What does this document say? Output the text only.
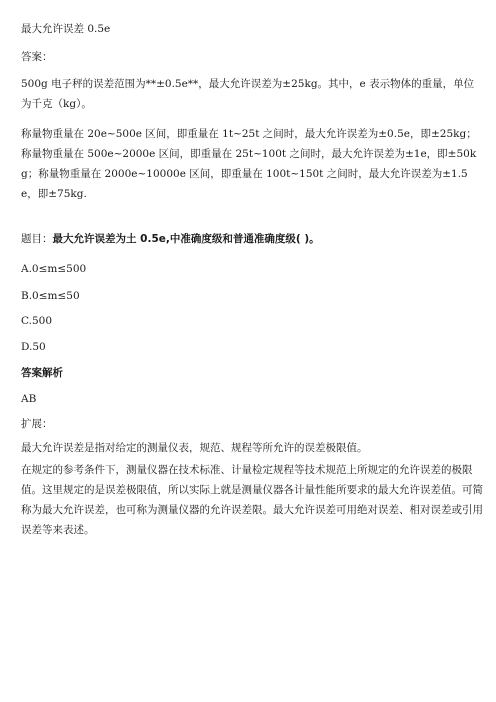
最大允许误差 0.5e
答案：
500g 电子秤的误差范围为**±0.5e**，最大允许误差为±25kg。其中，e 表示物体的重量，单位为千克（kg）。
称量物重量在 20e~500e 区间，即重量在 1t~25t 之间时，最大允许误差为±0.5e，即±25kg；称量物重量在 500e~2000e 区间，即重量在 25t~100t 之间时，最大允许误差为±1e，即±50kg；称量物重量在 2000e~10000e 区间，即重量在 100t~150t 之间时，最大允许误差为±1.5e，即±75kg.
题目：最大允许误差为土 0.5e,中准确度级和普通准确度级( )。
A.0≤m≤500
B.0≤m≤50
C.500
D.50
答案解析
AB
扩展：
最大允许误差是指对给定的测量仪表，规范、规程等所允许的误差极限值。
在规定的参考条件下，测量仪器在技术标准、计量检定规程等技术规范上所规定的允许误差的极限值。这里规定的是误差极限值，所以实际上就是测量仪器各计量性能所要求的最大允许误差值。可简称为最大允许误差，也可称为测量仪器的允许误差限。最大允许误差可用绝对误差、相对误差或引用误差等来表述。
